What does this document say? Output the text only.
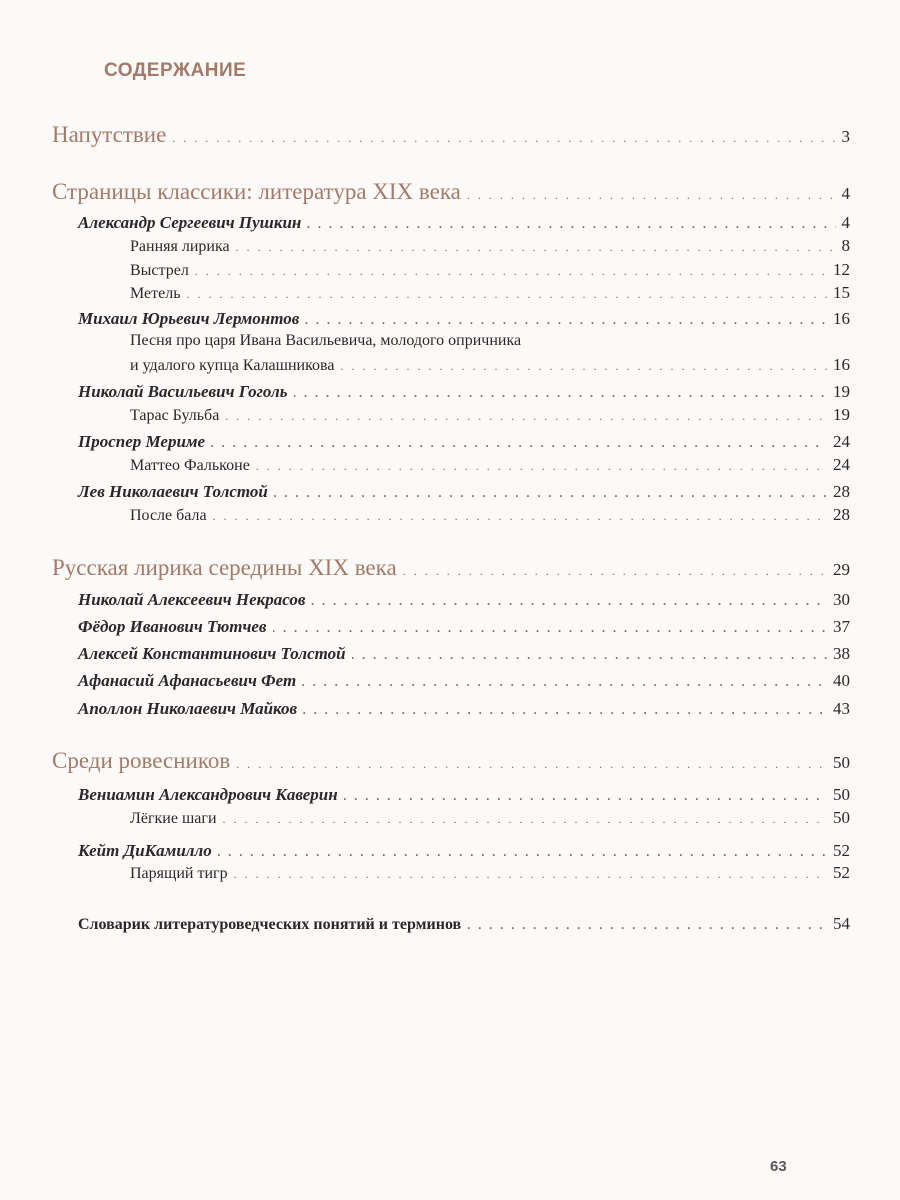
СОДЕРЖАНИЕ
Напутствие . . .	3
Страницы классики: литература XIX века . . .	4
Александр Сергеевич Пушкин . . .	4
Ранняя лирика . . .	8
Выстрел . . .	12
Метель . . .	15
Михаил Юрьевич Лермонтов . . .	16
Песня про царя Ивана Васильевича, молодого опричника
и удалого купца Калашникова . . .	16
Николай Васильевич Гоголь . . .	19
Тарас Бульба . . .	19
Проспер Мериме . . .	24
Маттео Фальконе . . .	24
Лев Николаевич Толстой . . .	28
После бала . . .	28
Русская лирика середины XIX века . . .	29
Николай Алексеевич Некрасов . . .	30
Фёдор Иванович Тютчев . . .	37
Алексей Константинович Толстой . . .	38
Афанасий Афанасьевич Фет . . .	40
Аполлон Николаевич Майков . . .	43
Среди ровесников . . .	50
Вениамин Александрович Каверин . . .	50
Лёгкие шаги . . .	50
Кейт ДиКамилло . . .	52
Парящий тигр . . .	52
Словарик литературоведческих понятий и терминов . . .	54
63
